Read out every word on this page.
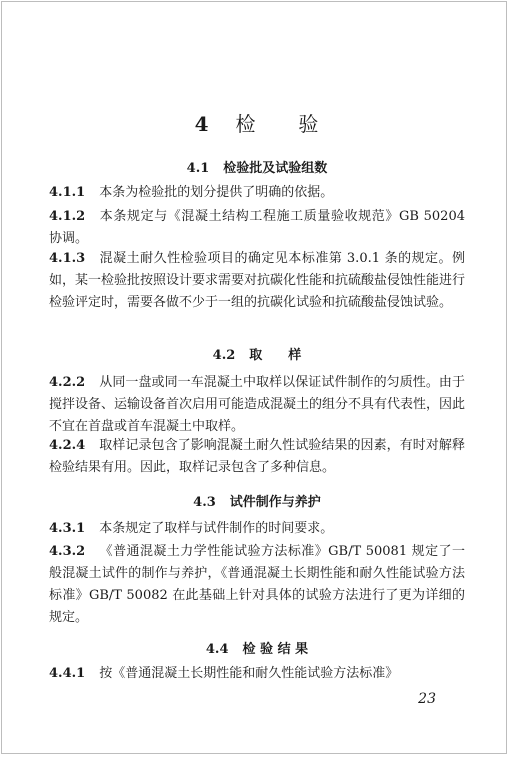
4 检 验
4.1 检验批及试验组数
4.1.1 本条为检验批的划分提供了明确的依据。
4.1.2 本条规定与《混凝土结构工程施工质量验收规范》GB 50204 协调。
4.1.3 混凝土耐久性检验项目的确定见本标准第 3.0.1 条的规定。例如，某一检验批按照设计要求需要对抗碳化性能和抗硫酸盐侵蚀性能进行检验评定时，需要各做不少于一组的抗碳化试验和抗硫酸盐侵蚀试验。
4.2 取　　样
4.2.2 从同一盘或同一车混凝土中取样以保证试件制作的匀质性。由于搅拌设备、运输设备首次启用可能造成混凝土的组分不具有代表性，因此不宜在首盘或首车混凝土中取样。
4.2.4 取样记录包含了影响混凝土耐久性试验结果的因素，有时对解释检验结果有用。因此，取样记录包含了多种信息。
4.3 试件制作与养护
4.3.1 本条规定了取样与试件制作的时间要求。
4.3.2 《普通混凝土力学性能试验方法标准》GB/T 50081 规定了一般混凝土试件的制作与养护，《普通混凝土长期性能和耐久性能试验方法标准》GB/T 50082 在此基础上针对具体的试验方法进行了更为详细的规定。
4.4 检 验 结 果
4.4.1 按《普通混凝土长期性能和耐久性能试验方法标准》
23
